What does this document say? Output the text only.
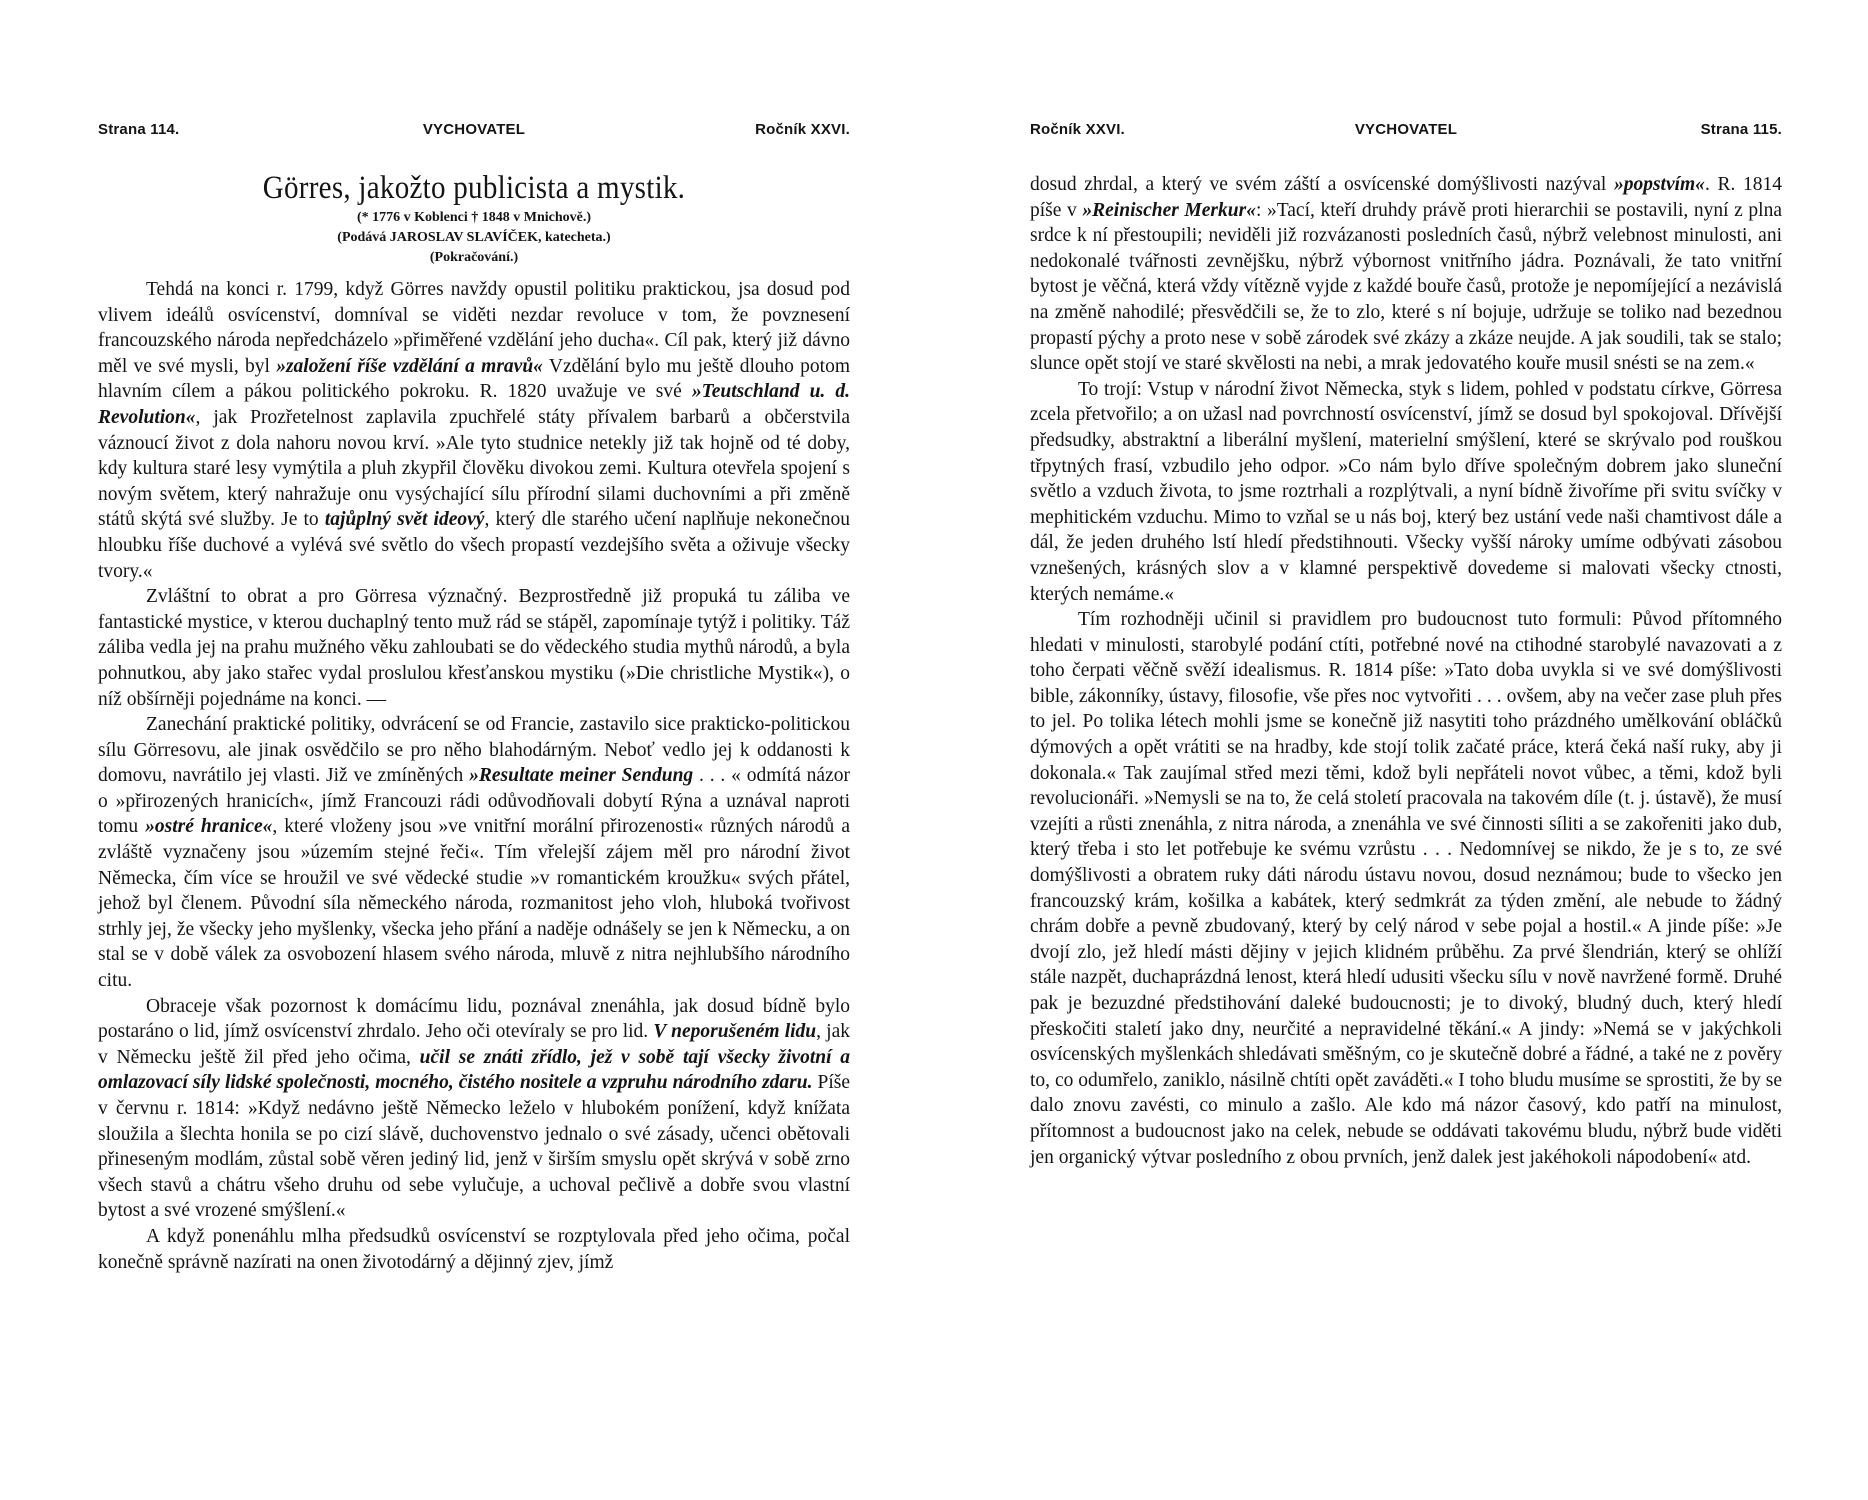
Strana 114.	VYCHOVATEL	Ročník XXVI.
Görres, jakožto publicista a mystik.
(* 1776 v Koblenci † 1848 v Mnichově.)
(Podává JAROSLAV SLAVÍČEK, katecheta.)
(Pokračování.)

Tehdá na konci r. 1799, když Görres navždy opustil politiku praktickou, jsa dosud pod vlivem ideálů osvícenství, domníval se viděti nezdar revoluce v tom, že povznesení francouzského národa nepředcházelo »přiměřené vzdělání jeho ducha«. Cíl pak, který již dávno měl ve své mysli, byl »založení říše vzdělání a mravů« Vzdělání bylo mu ještě dlouho potom hlavním cílem a pákou politického pokroku. R. 1820 uvažuje ve své »Teutschland u. d. Revolution«, jak Prozřetelnost zaplavila zpuchřelé státy přívalem barbarů a občerstvila váznoucí život z dola nahoru novou krví. »Ale tyto studnice netekly již tak hojně od té doby, kdy kultura staré lesy vymýtila a pluh zkypřil člověku divokou zemi. Kultura otevřela spojení s novým světem, který nahražuje onu vysýchající sílu přírodní silami duchovními a při změně států skýtá své služby. Je to tajůplný svět ideový, který dle starého učení naplňuje nekonečnou hloubku říše duchové a vylévá své světlo do všech propastí vezdejšího světa a oživuje všecky tvory.«

Zvláštní to obrat a pro Görresa význačný. Bezprostředně již propuká tu záliba ve fantastické mystice, v kterou duchaplný tento muž rád se stápěl, zapomínaje tytýž i politiky. Táž záliba vedla jej na prahu mužného věku zahloubati se do vědeckého studia mythů národů, a byla pohnutkou, aby jako stařec vydal proslulou křesťanskou mystiku (»Die christliche Mystik«), o níž obšírněji pojednáme na konci. —

Zanechání praktické politiky, odvrácení se od Francie, zastavilo sice prakticko-politickou sílu Görresovu, ale jinak osvědčilo se pro něho blahodárným. Neboť vedlo jej k oddanosti k domovu, navrátilo jej vlasti. Již ve zmíněných »Resultate meiner Sendung . . . « odmítá názor o »přirozených hranicích«, jímž Francouzi rádi odůvodňovali dobytí Rýna a uznával naproti tomu »ostré hranice«, které vloženy jsou »ve vnitřní morální přirozenosti« různých národů a zvláště vyznačeny jsou »územím stejné řeči«. Tím vřelejší zájem měl pro národní život Německa, čím více se hroužil ve své vědecké studie »v romantickém kroužku« svých přátel, jehož byl členem. Původní síla německého národa, rozmanitost jeho vloh, hluboká tvořivost strhly jej, že všecky jeho myšlenky, všecka jeho přání a naděje odnášely se jen k Německu, a on stal se v době válek za osvobození hlasem svého národa, mluvě z nitra nejhlubšího národního citu.

Obraceje však pozornost k domácímu lidu, poznával znenáhla, jak dosud bídně bylo postaráno o lid, jímž osvícenství zhrdalo. Jeho oči otevíraly se pro lid. V neporušeném lidu, jak v Německu ještě žil před jeho očima, učil se znáti zřídlo, jež v sobě tají všecky životní a omlazovací síly lidské společnosti, mocného, čistého nositele a vzpruhu národního zdaru. Píše v červnu r. 1814: »Když nedávno ještě Německo leželo v hlubokém ponížení, když knížata sloužila a šlechta honila se po cizí slávě, duchovenstvo jednalo o své zásady, učenci obětovali přineseným modlám, zůstal sobě věren jediný lid, jenž v širším smyslu opět skrývá v sobě zrno všech stavů a chátru všeho druhu od sebe vylučuje, a uchoval pečlivě a dobře svou vlastní bytost a své vrozené smýšlení.«

A když ponenáhlu mlha předsudků osvícenství se rozptylovala před jeho očima, počal konečně správně nazírati na onen životodárný a dějinný zjev, jímž

Ročník XXVI.	VYCHOVATEL	Strana 115.

dosud zhrdal, a který ve svém záští a osvícenské domýšlivosti nazýval »popstvím«. R. 1814 píše v »Reinischer Merkur«: »Tací, kteří druhdy právě proti hierarchii se postavili, nyní z plna srdce k ní přestoupili; neviděli již rozvázanosti posledních časů, nýbrž velebnost minulosti, ani nedokonalé tvářnosti zevnějšku, nýbrž výbornost vnitřního jádra. Poznávali, že tato vnitřní bytost je věčná, která vždy vítězně vyjde z každé bouře časů, protože je nepomíjející a nezávislá na změně nahodilé; přesvědčili se, že to zlo, které s ní bojuje, udržuje se toliko nad bezednou propastí pýchy a proto nese v sobě zárodek své zkázy a zkáze neujde. A jak soudili, tak se stalo; slunce opět stojí ve staré skvělosti na nebi, a mrak jedovatého kouře musil snésti se na zem.«

To trojí: Vstup v národní život Německa, styk s lidem, pohled v podstatu církve, Görresa zcela přetvořilo; a on užasl nad povrchností osvícenství, jímž se dosud byl spokojoval. Dřívější předsudky, abstraktní a liberální myšlení, materielní smýšlení, které se skrývalo pod rouškou třpytných frasí, vzbudilo jeho odpor. »Co nám bylo dříve společným dobrem jako sluneční světlo a vzduch života, to jsme roztrhali a rozplýtvali, a nyní bídně živoříme při svitu svíčky v mephitickém vzduchu. Mimo to vzňal se u nás boj, který bez ustání vede naši chamtivost dále a dál, že jeden druhého lstí hledí předstihnouti. Všecky vyšší nároky umíme odbývati zásobou vznešených, krásných slov a v klamné perspektivě dovedeme si malovati všecky ctnosti, kterých nemáme.«

Tím rozhodněji učinil si pravidlem pro budoucnost tuto formuli: Původ přítomného hledati v minulosti, starobylé podání ctíti, potřebné nové na ctihodné starobylé navazovati a z toho čerpati věčně svěží idealismus. R. 1814 píše: »Tato doba uvykla si ve své domýšlivosti bible, zákonníky, ústavy, filosofie, vše přes noc vytvořiti . . . ovšem, aby na večer zase pluh přes to jel. Po tolika létech mohli jsme se konečně již nasytiti toho prázdného umělkování obláčků dýmových a opět vrátiti se na hradby, kde stojí tolik začaté práce, která čeká naší ruky, aby ji dokonala.« Tak zaujímal střed mezi těmi, kdož byli nepřáteli novot vůbec, a těmi, kdož byli revolucionáři. »Nemysli se na to, že celá století pracovala na takovém díle (t. j. ústavě), že musí vzejíti a růsti znenáhla, z nitra národa, a znenáhla ve své činnosti síliti a se zakořeniti jako dub, který třeba i sto let potřebuje ke svému vzrůstu . . . Nedomnívej se nikdo, že je s to, ze své domýšlivosti a obratem ruky dáti národu ústavu novou, dosud neznámou; bude to všecko jen francouzský krám, košilka a kabátek, který sedmkrát za týden změní, ale nebude to žádný chrám dobře a pevně zbudovaný, který by celý národ v sebe pojal a hostil.« A jinde píše: »Je dvojí zlo, jež hledí másti dějiny v jejich klidném průběhu. Za prvé šlendrián, který se ohlíží stále nazpět, duchaprázdná lenost, která hledí udusiti všecku sílu v nově navržené formě. Druhé pak je bezuzdné předstihování daleké budoucnosti; je to divoký, bludný duch, který hledí přeskočiti staletí jako dny, neurčité a nepravidelné těkání.« A jindy: »Nemá se v jakýchkoli osvícenských myšlenkách shledávati směšným, co je skutečně dobré a řádné, a také ne z pověry to, co odumřelo, zaniklo, násilně chtíti opět zaváděti.« I toho bludu musíme se sprostiti, že by se dalo znovu zavésti, co minulo a zašlo. Ale kdo má názor časový, kdo patří na minulost, přítomnost a budoucnost jako na celek, nebude se oddávati takovému bludu, nýbrž bude viděti jen organický výtvar posledního z obou prvních, jenž dalek jest jakéhokoli nápodobení« atd.
